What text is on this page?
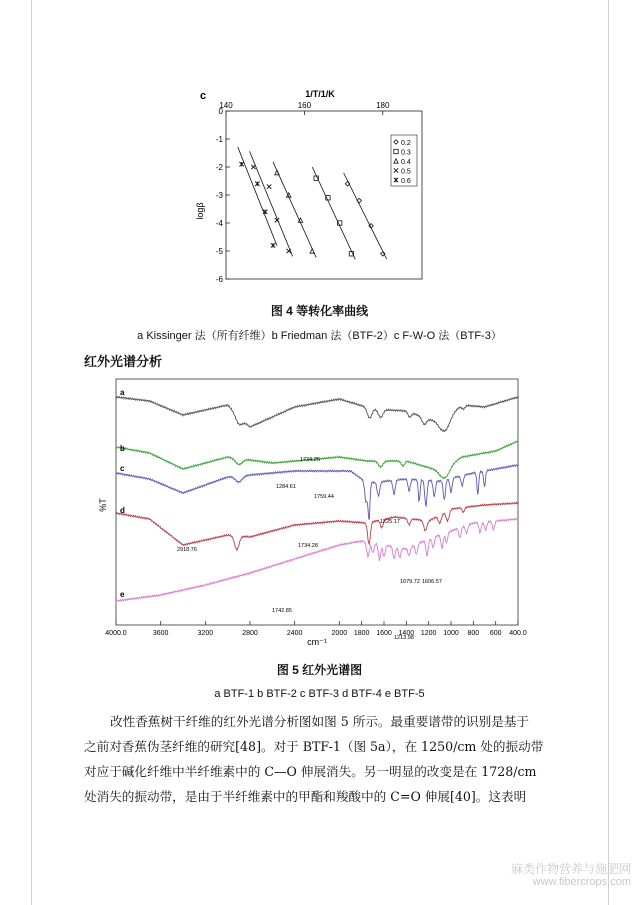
c	1/T/1/K
140	160	180
0
-1
-2
-3
-4
-5
-6
logβ
0.2
0.3
0.4
0.5
0.6
图 4 等转化率曲线
a Kissinger 法（所有纤维）b Friedman 法（BTF-2）c F-W-O 法（BTF-3）
红外光谱分析
%T
cm⁻¹
4000.0	3600	3200	2800	2400	2000 1800 1600 1400 1200 1000 800 600 400.0
a
b
c
d
e
1734.26
1284.61
1759.44
1225.17
2918.76
1734.28
1079.72 1606.57
1742.85
1213.98
图 5 红外光谱图
a BTF-1 b BTF-2 c BTF-3 d BTF-4 e BTF-5
改性香蕉树干纤维的红外光谱分析图如图 5 所示。最重要谱带的识别是基于
之前对香蕉伪茎纤维的研究[48]。对于 BTF-1（图 5a），在 1250/cm 处的振动带
对应于碱化纤维中半纤维素中的 C—O 伸展消失。另一明显的改变是在 1728/cm
处消失的振动带，是由于半纤维素中的甲酯和羧酸中的 C=O 伸展[40]。这表明
麻类作物营养与施肥网
www.fibercrops.com
